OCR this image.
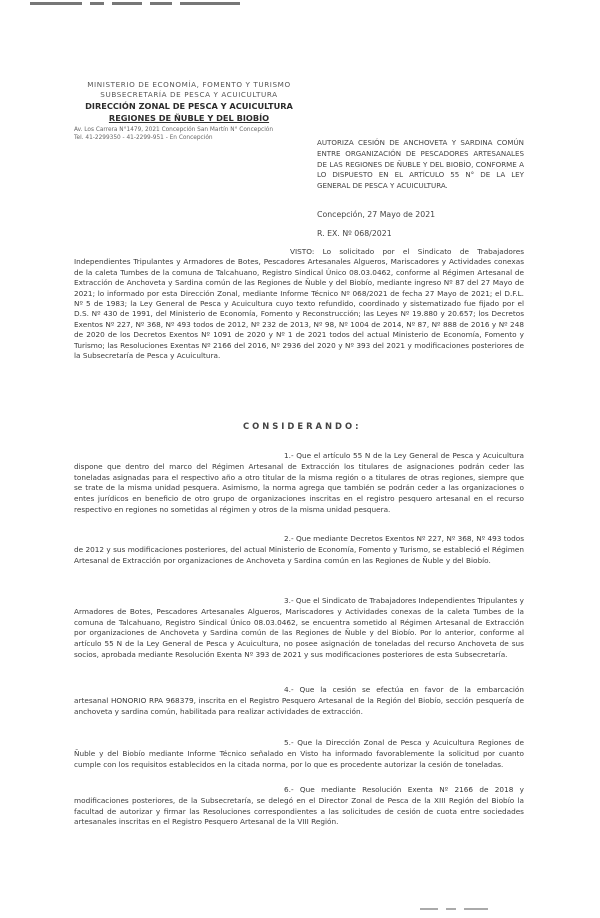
MINISTERIO DE ECONOMÍA, FOMENTO Y TURISMO
SUBSECRETARÍA DE PESCA Y ACUICULTURA
DIRECCIÓN ZONAL DE PESCA Y ACUICULTURA
REGIONES DE ÑUBLE Y DEL BIOBÍO
Av. Los Carrera N°1479, 2021 Concepción San Martín N° Concepción
Tel. 41-2299350 - 41-2299-951 - En Concepción	AUTORIZA CESIÓN DE ANCHOVETA Y SARDINA COMÚN ENTRE ORGANIZACIÓN DE PESCADORES ARTESANALES DE LAS REGIONES DE ÑUBLE Y DEL BIOBÍO, CONFORME A LO DISPUESTO EN EL ARTÍCULO 55 N° DE LA LEY GENERAL DE PESCA Y ACUICULTURA.
Concepción, 27 Mayo de 2021
R. EX. Nº 068/2021
VISTO: Lo solicitado por el Sindicato de Trabajadores Independientes Tripulantes y Armadores de Botes, Pescadores Artesanales Algueros, Mariscadores y Actividades conexas de la caleta Tumbes de la comuna de Talcahuano, Registro Sindical Único 08.03.0462, conforme al Régimen Artesanal de Extracción de Anchoveta y Sardina común de las Regiones de Ñuble y del Biobío, mediante ingreso Nº 87 del 27 Mayo de 2021; lo informado por esta Dirección Zonal, mediante Informe Técnico Nº 068/2021 de fecha 27 Mayo de 2021; el D.F.L. Nº 5 de 1983; la Ley General de Pesca y Acuicultura cuyo texto refundido, coordinado y sistematizado fue fijado por el D.S. Nº 430 de 1991, del Ministerio de Economía, Fomento y Reconstrucción; las Leyes Nº 19.880 y 20.657; los Decretos Exentos Nº 227, Nº 368, Nº 493 todos de 2012, Nº 232 de 2013, Nº 98, Nº 1004 de 2014, Nº 87, Nº 888 de 2016 y Nº 248 de 2020 de los Decretos Exentos Nº 1091 de 2020 y Nº 1 de 2021 todos del actual Ministerio de Economía, Fomento y Turismo; las Resoluciones Exentas Nº 2166 del 2016, Nº 2936 del 2020 y Nº 393 del 2021 y modificaciones posteriores de la Subsecretaría de Pesca y Acuicultura.
CONSIDERANDO:
1.- Que el artículo 55 N de la Ley General de Pesca y Acuicultura dispone que dentro del marco del Régimen Artesanal de Extracción los titulares de asignaciones podrán ceder las toneladas asignadas para el respectivo año a otro titular de la misma región o a titulares de otras regiones, siempre que se trate de la misma unidad pesquera. Asimismo, la norma agrega que también se podrán ceder a las organizaciones o entes jurídicos en beneficio de otro grupo de organizaciones inscritas en el registro pesquero artesanal en el recurso respectivo en regiones no sometidas al régimen y otros de la misma unidad pesquera.
2.- Que mediante Decretos Exentos Nº 227, Nº 368, Nº 493 todos de 2012 y sus modificaciones posteriores, del actual Ministerio de Economía, Fomento y Turismo, se estableció el Régimen Artesanal de Extracción por organizaciones de Anchoveta y Sardina común en las Regiones de Ñuble y del Biobío.
3.- Que el Sindicato de Trabajadores Independientes Tripulantes y Armadores de Botes, Pescadores Artesanales Algueros, Mariscadores y Actividades conexas de la caleta Tumbes de la comuna de Talcahuano, Registro Sindical Único 08.03.0462, se encuentra sometido al Régimen Artesanal de Extracción por organizaciones de Anchoveta y Sardina común de las Regiones de Ñuble y del Biobío. Por lo anterior, conforme al artículo 55 N de la Ley General de Pesca y Acuicultura, no posee asignación de toneladas del recurso Anchoveta de sus socios, aprobada mediante Resolución Exenta Nº 393 de 2021 y sus modificaciones posteriores de esta Subsecretaría.
4.- Que la cesión se efectúa en favor de la embarcación artesanal HONORIO RPA 968379, inscrita en el Registro Pesquero Artesanal de la Región del Biobío, sección pesquería de anchoveta y sardina común, habilitada para realizar actividades de extracción.
5.- Que la Dirección Zonal de Pesca y Acuicultura Regiones de Ñuble y del Biobío mediante Informe Técnico señalado en Visto ha informado favorablemente la solicitud por cuanto cumple con los requisitos establecidos en la citada norma, por lo que es procedente autorizar la cesión de toneladas.
6.- Que mediante Resolución Exenta Nº 2166 de 2018 y modificaciones posteriores, de la Subsecretaría, se delegó en el Director Zonal de Pesca de la XIII Región del Biobío la facultad de autorizar y firmar las Resoluciones correspondientes a las solicitudes de cesión de cuota entre sociedades artesanales inscritas en el Registro Pesquero Artesanal de la VIII Región.
